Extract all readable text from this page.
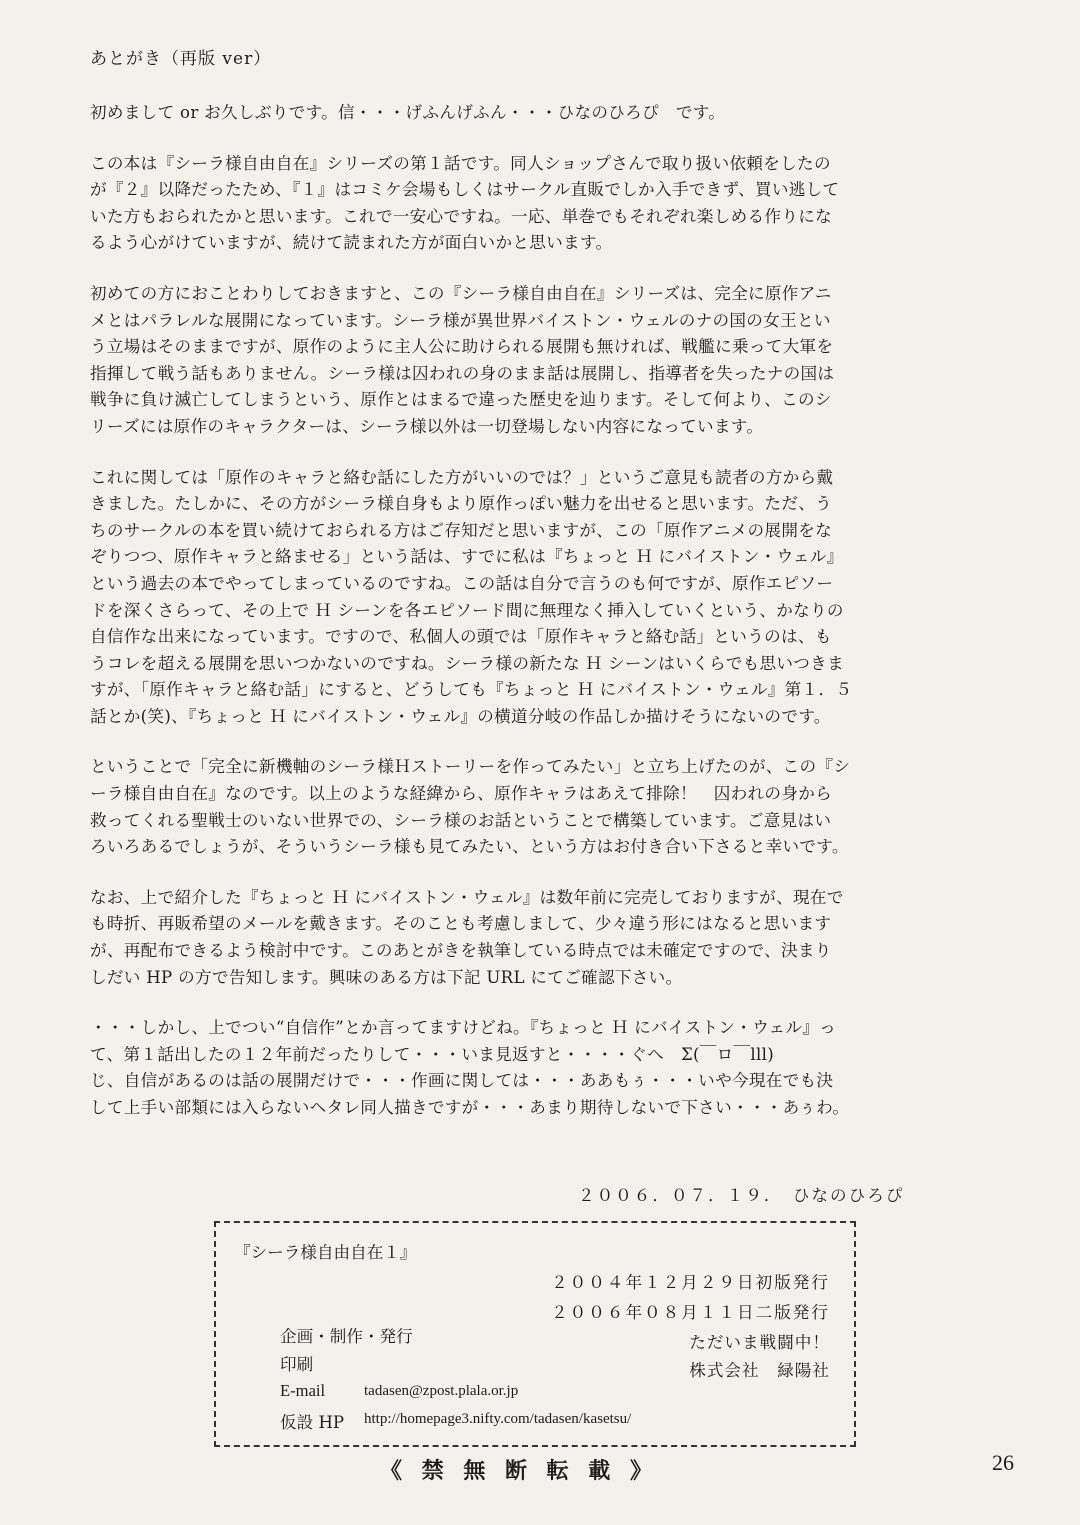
あとがき（再版 ver）
初めまして or お久しぶりです。信・・・げふんげふん・・・ひなのひろぴ　です。
この本は『シーラ様自由自在』シリーズの第１話です。同人ショップさんで取り扱い依頼をしたの
が『２』以降だったため、『１』はコミケ会場もしくはサークル直販でしか入手できず、買い逃して
いた方もおられたかと思います。これで一安心ですね。一応、単巻でもそれぞれ楽しめる作りにな
るよう心がけていますが、続けて読まれた方が面白いかと思います。
初めての方におことわりしておきますと、この『シーラ様自由自在』シリーズは、完全に原作アニ
メとはパラレルな展開になっています。シーラ様が異世界バイストン・ウェルのナの国の女王とい
う立場はそのままですが、原作のように主人公に助けられる展開も無ければ、戦艦に乗って大軍を
指揮して戦う話もありません。シーラ様は囚われの身のまま話は展開し、指導者を失ったナの国は
戦争に負け滅亡してしまうという、原作とはまるで違った歴史を辿ります。そして何より、このシ
リーズには原作のキャラクターは、シーラ様以外は一切登場しない内容になっています。
これに関しては「原作のキャラと絡む話にした方がいいのでは？」というご意見も読者の方から戴
きました。たしかに、その方がシーラ様自身もより原作っぽい魅力を出せると思います。ただ、う
ちのサークルの本を買い続けておられる方はご存知だと思いますが、この「原作アニメの展開をな
ぞりつつ、原作キャラと絡ませる」という話は、すでに私は『ちょっと Ｈ にバイストン・ウェル』
という過去の本でやってしまっているのですね。この話は自分で言うのも何ですが、原作エピソー
ドを深くさらって、その上で Ｈ シーンを各エピソード間に無理なく挿入していくという、かなりの
自信作な出来になっています。ですので、私個人の頭では「原作キャラと絡む話」というのは、も
うコレを超える展開を思いつかないのですね。シーラ様の新たな Ｈ シーンはいくらでも思いつきま
すが、「原作キャラと絡む話」にすると、どうしても『ちょっと Ｈ にバイストン・ウェル』第１．５
話とか(笑)、『ちょっと Ｈ にバイストン・ウェル』の横道分岐の作品しか描けそうにないのです。
ということで「完全に新機軸のシーラ様Ｈストーリーを作ってみたい」と立ち上げたのが、この『シ
ーラ様自由自在』なのです。以上のような経緯から、原作キャラはあえて排除！　囚われの身から
救ってくれる聖戦士のいない世界での、シーラ様のお話ということで構築しています。ご意見はい
ろいろあるでしょうが、そういうシーラ様も見てみたい、という方はお付き合い下さると幸いです。
なお、上で紹介した『ちょっと Ｈ にバイストン・ウェル』は数年前に完売しておりますが、現在で
も時折、再販希望のメールを戴きます。そのことも考慮しまして、少々違う形にはなると思います
が、再配布できるよう検討中です。このあとがきを執筆している時点では未確定ですので、決まり
しだい HP の方で告知します。興味のある方は下記 URL にてご確認下さい。
・・・しかし、上でつい“自信作”とか言ってますけどね。『ちょっと Ｈ にバイストン・ウェル』っ
て、第１話出したの１２年前だったりして・・・いま見返すと・・・・ぐへ　Σ(￣ロ￣lll)
じ、自信があるのは話の展開だけで・・・作画に関しては・・・ああもぅ・・・いや今現在でも決
して上手い部類には入らないヘタレ同人描きですが・・・あまり期待しないで下さい・・・あぅわ。
２００６．０７．１９．　ひなのひろぴ
『シーラ様自由自在１』
２００４年１２月２９日初版発行
２００６年０８月１１日二版発行
企画・制作・発行	ただいま戦闘中！
印刷	株式会社　緑陽社
E-mail	tadasen@zpost.plala.or.jp
仮設 HP http://homepage3.nifty.com/tadasen/kasetsu/
《 禁 無 断 転 載 》	26
